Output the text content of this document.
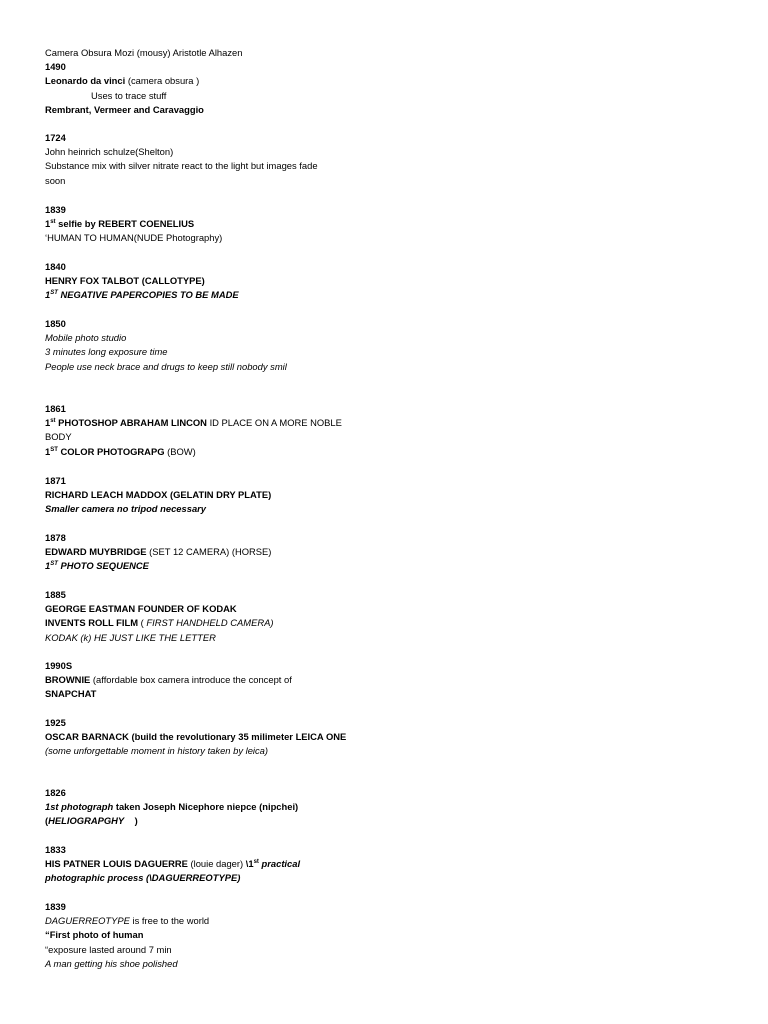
Camera Obsura Mozi (mousy) Aristotle Alhazen
1490
Leonardo da vinci (camera obsura )
Uses to trace stuff
Rembrant, Vermeer and Caravaggio
1724
John heinrich schulze(Shelton)
Substance mix with silver nitrate react to the light but images fade
soon
1839
1st selfie by REBERT COENELIUS
‘HUMAN TO HUMAN(NUDE Photography)
1840
HENRY FOX TALBOT (CALLOTYPE)
1ST NEGATIVE PAPERCOPIES TO BE MADE
1850
Mobile photo studio
3 minutes long exposure time
People use neck brace and drugs to keep still nobody smil
1861
1st PHOTOSHOP ABRAHAM LINCON ID PLACE ON A MORE NOBLE
BODY
1ST COLOR PHOTOGRAPG (BOW)
1871
RICHARD LEACH MADDOX (GELATIN DRY PLATE)
Smaller camera no tripod necessary
1878
EDWARD MUYBRIDGE (SET 12 CAMERA) (HORSE)
1ST PHOTO SEQUENCE
1885
GEORGE EASTMAN FOUNDER OF KODAK
INVENTS ROLL FILM ( FIRST HANDHELD CAMERA)
KODAK (k) HE JUST LIKE THE LETTER
1990S
BROWNIE (affordable box camera introduce the concept of
SNAPCHAT
1925
OSCAR BARNACK (build the revolutionary 35 milimeter LEICA ONE
(some unforgettable moment in history taken by leica)
1826
1st photograph taken Joseph Nicephore niepce (nipchei)
(HELIOGRAPGHY    )
1833
HIS PATNER LOUIS DAGUERRE (louie dager) \1st practical
photographic process (\DAGUERREOTYPE)
1839
DAGUERREOTYPE is free to the world
“First photo of human
“exposure lasted around 7 min
A man getting his shoe polished
